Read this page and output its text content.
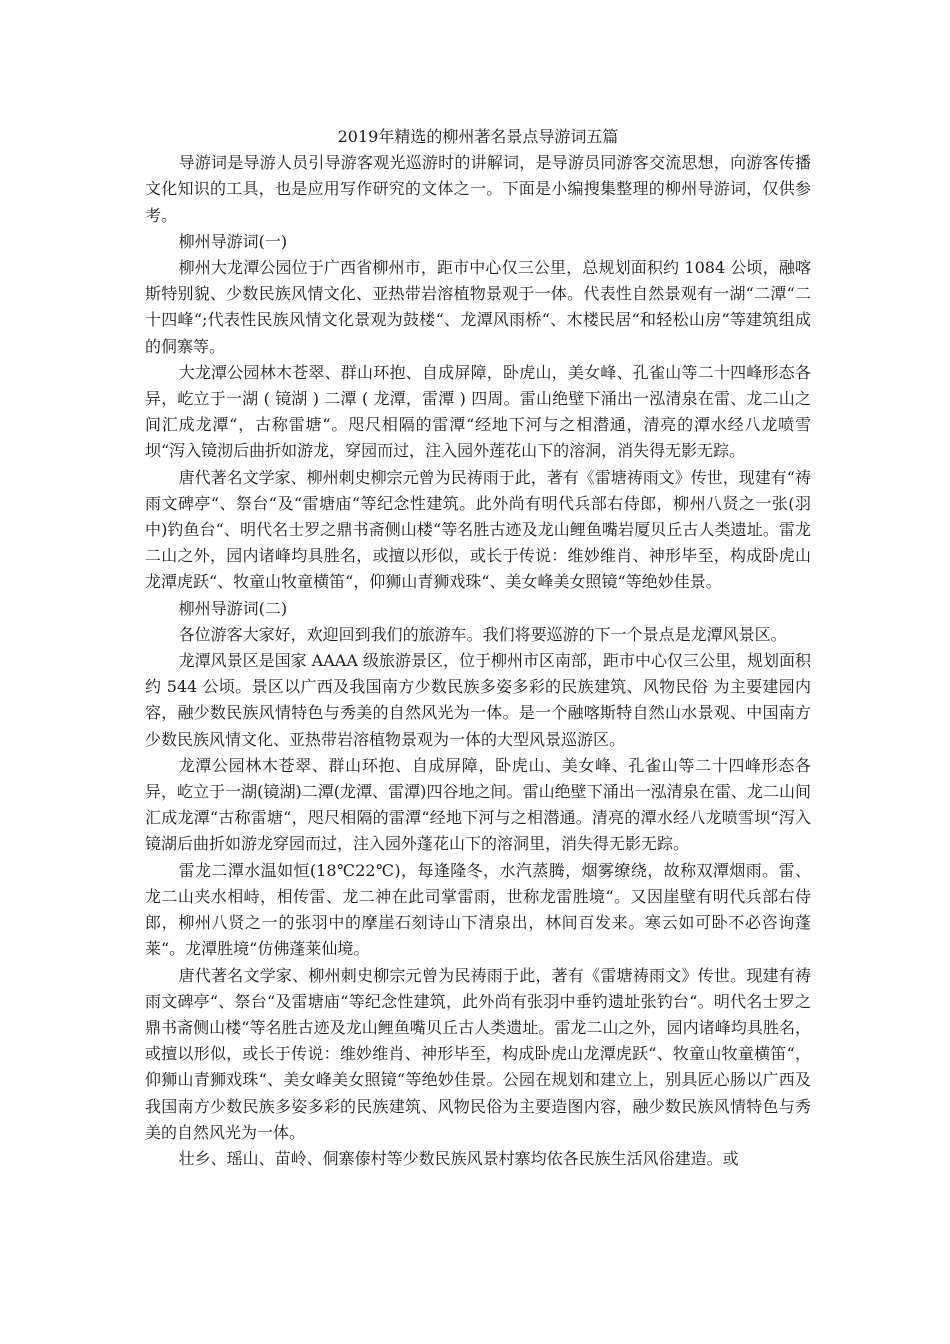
2019年精选的柳州著名景点导游词五篇

导游词是导游人员引导游客观光巡游时的讲解词，是导游员同游客交流思想，向游客传播文化知识的工具，也是应用写作研究的文体之一。下面是小编搜集整理的柳州导游词，仅供参考。

柳州导游词(一)

柳州大龙潭公园位于广西省柳州市，距市中心仅三公里，总规划面积约 1084 公顷，融喀斯特别貌、少数民族风情文化、亚热带岩溶植物景观于一体。代表性自然景观有一湖“二潭“二十四峰“;代表性民族风情文化景观为鼓楼“、龙潭风雨桥“、木楼民居“和轻松山房“等建筑组成的侗寨等。

大龙潭公园林木苍翠、群山环抱、自成屏障，卧虎山，美女峰、孔雀山等二十四峰形态各异，屹立于一湖 ( 镜湖 ) 二潭 ( 龙潭，雷潭 ) 四周。雷山绝壁下涌出一泓清泉在雷、龙二山之间汇成龙潭“，古称雷塘“。咫尺相隔的雷潭“经地下河与之相潜通，清亮的潭水经八龙喷雪坝“泻入镜沏后曲折如游龙，穿园而过，注入园外莲花山下的溶洞，消失得无影无踪。

唐代著名文学家、柳州刺史柳宗元曾为民祷雨于此，著有《雷塘祷雨文》传世，现建有“祷雨文碑亭“、祭台“及“雷塘庙“等纪念性建筑。此外尚有明代兵部右侍郎，柳州八贤之一张(羽中)钓鱼台“、明代名士罗之鼎书斋侧山楼“等名胜古迹及龙山鲤鱼嘴岩厦贝丘古人类遗址。雷龙二山之外，园内诸峰均具胜名，或擅以形似，或长于传说：维妙维肖、神形毕至，构成卧虎山龙潭虎跃“、牧童山牧童横笛“，仰狮山青狮戏珠“、美女峰美女照镜“等绝妙佳景。

柳州导游词(二)

各位游客大家好，欢迎回到我们的旅游车。我们将要巡游的下一个景点是龙潭风景区。

龙潭风景区是国家 AAAA 级旅游景区，位于柳州市区南部，距市中心仅三公里，规划面积约 544 公顷。景区以广西及我国南方少数民族多姿多彩的民族建筑、风物民俗 为主要建园内容，融少数民族风情特色与秀美的自然风光为一体。是一个融喀斯特自然山水景观、中国南方少数民族风情文化、亚热带岩溶植物景观为一体的大型风景巡游区。

龙潭公园林木苍翠、群山环抱、自成屏障，卧虎山、美女峰、孔雀山等二十四峰形态各异，屹立于一湖(镜湖)二潭(龙潭、雷潭)四谷地之间。雷山绝壁下涌出一泓清泉在雷、龙二山间汇成龙潭“古称雷塘“，咫尺相隔的雷潭“经地下河与之相潜通。清亮的潭水经八龙喷雪坝“泻入镜湖后曲折如游龙穿园而过，注入园外蓬花山下的溶洞里，消失得无影无踪。

雷龙二潭水温如恒(18℃22℃)，每逢隆冬，水汽蒸腾，烟雾缭绕，故称双潭烟雨。雷、龙二山夹水相峙，相传雷、龙二神在此司掌雷雨，世称龙雷胜境“。又因崖壁有明代兵部右侍郎，柳州八贤之一的张羽中的摩崖石刻诗山下清泉出，林间百发来。寒云如可卧不必咨询蓬莱“。龙潭胜境“仿佛蓬莱仙境。

唐代著名文学家、柳州刺史柳宗元曾为民祷雨于此，著有《雷塘祷雨文》传世。现建有祷雨文碑亭“、祭台“及雷塘庙“等纪念性建筑，此外尚有张羽中垂钓遗址张钓台“。明代名士罗之鼎书斋侧山楼“等名胜古迹及龙山鲤鱼嘴贝丘古人类遗址。雷龙二山之外，园内诸峰均具胜名，或擅以形似，或长于传说：维妙维肖、神形毕至，构成卧虎山龙潭虎跃“、牧童山牧童横笛“，仰狮山青狮戏珠“、美女峰美女照镜“等绝妙佳景。公园在规划和建立上，别具匠心肠以广西及我国南方少数民族多姿多彩的民族建筑、风物民俗为主要造图内容，融少数民族风情特色与秀美的自然风光为一体。

壮乡、瑶山、苗岭、侗寨傣村等少数民族风景村寨均依各民族生活风俗建造。或
